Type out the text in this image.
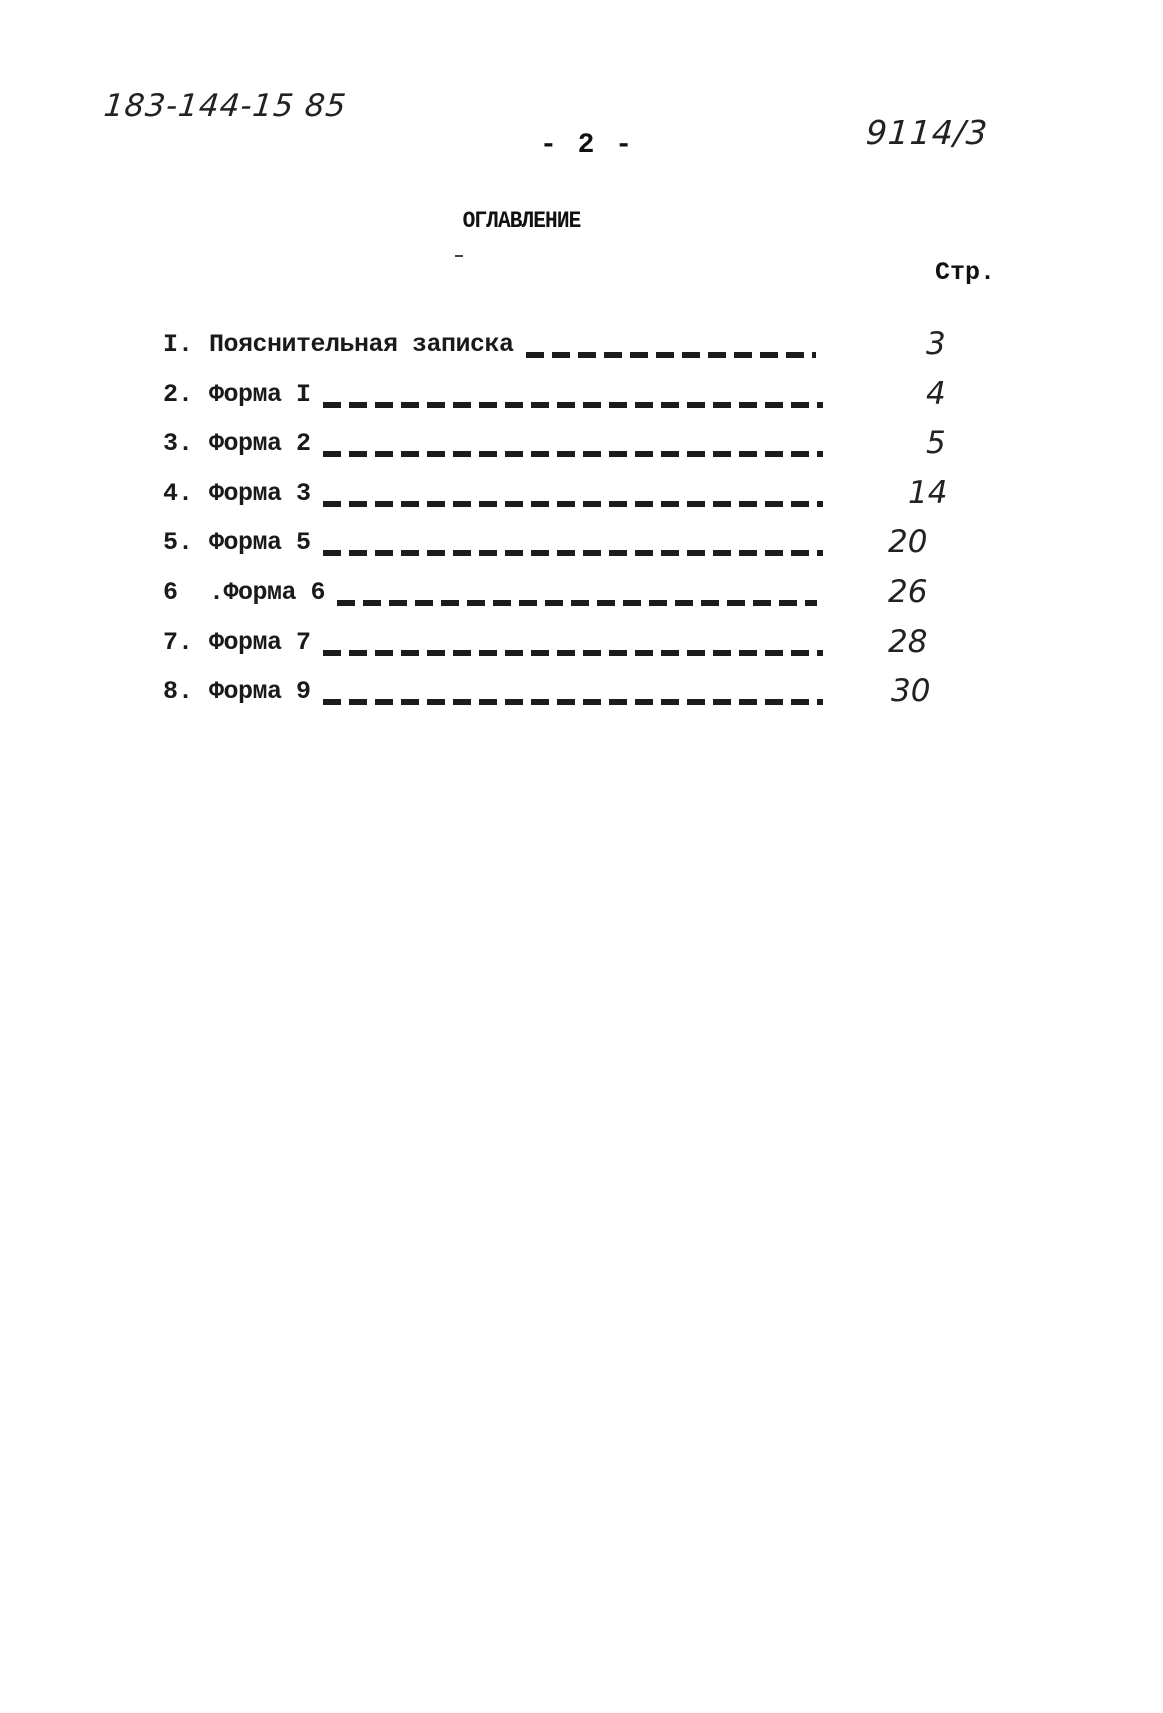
183-144-15 85
- 2 -	9114/3
ОГЛАВЛЕНИЕ
Стр.
I. Пояснительная записка	3
2. Форма I	4
3. Форма 2	5
4. Форма 3	14
5. Форма 5	20
6	.Форма 6	26
7. Форма 7	28
8. Форма 9	30
